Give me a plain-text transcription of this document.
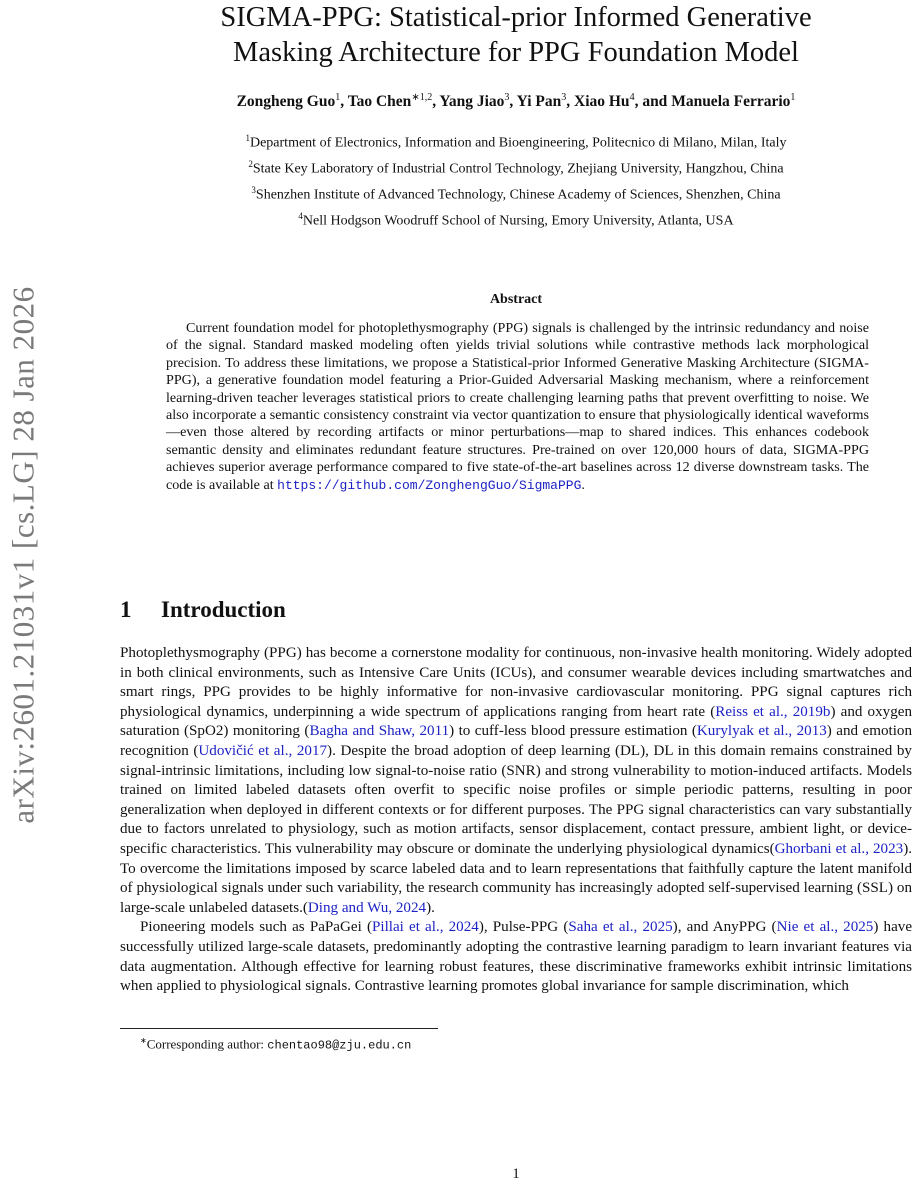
arXiv:2601.21031v1 [cs.LG] 28 Jan 2026
SIGMA-PPG: Statistical-prior Informed Generative
Masking Architecture for PPG Foundation Model
Zongheng Guo$^1$, Tao Chen$^{∗1,2}$, Yang Jiao$^3$, Yi Pan$^3$, Xiao Hu$^4$, and Manuela Ferrario$^1$
$^1$Department of Electronics, Information and Bioengineering, Politecnico di Milano, Milan, Italy
$^2$State Key Laboratory of Industrial Control Technology, Zhejiang University, Hangzhou, China
$^3$Shenzhen Institute of Advanced Technology, Chinese Academy of Sciences, Shenzhen, China
$^4$Nell Hodgson Woodruff School of Nursing, Emory University, Atlanta, USA
Abstract
Current foundation model for photoplethysmography (PPG) signals is challenged by the intrinsic redundancy and noise of the signal. Standard masked modeling often yields trivial solutions while contrastive methods lack morphological precision. To address these limitations, we propose a Statistical-prior Informed Generative Masking Architecture (SIGMA-PPG), a generative foundation model featuring a Prior-Guided Adversarial Masking mechanism, where a reinforcement learning-driven teacher leverages statistical priors to create challenging learning paths that prevent overfitting to noise. We also incorporate a semantic consistency constraint via vector quantization to ensure that physiologically identical waveforms—even those altered by recording artifacts or minor perturbations—map to shared indices. This enhances codebook semantic density and eliminates redundant feature structures. Pre-trained on over 120,000 hours of data, SIGMA-PPG achieves superior average performance compared to five state-of-the-art baselines across 12 diverse downstream tasks. The code is available at https://github.com/ZonghengGuo/SigmaPPG.
1 Introduction

Photoplethysmography (PPG) has become a cornerstone modality for continuous, non-invasive health monitoring. Widely adopted in both clinical environments, such as Intensive Care Units (ICUs), and consumer wearable devices including smartwatches and smart rings, PPG provides to be highly informative for non-invasive cardiovascular monitoring. PPG signal captures rich physiological dynamics, underpinning a wide spectrum of applications ranging from heart rate (Reiss et al., 2019b) and oxygen saturation (SpO2) monitoring (Bagha and Shaw, 2011) to cuff-less blood pressure estimation (Kurylyak et al., 2013) and emotion recognition (Udovičić et al., 2017). Despite the broad adoption of deep learning (DL), DL in this domain remains constrained by signal-intrinsic limitations, including low signal-to-noise ratio (SNR) and strong vulnerability to motion-induced artifacts. Models trained on limited labeled datasets often overfit to specific noise profiles or simple periodic patterns, resulting in poor generalization when deployed in different contexts or for different purposes. The PPG signal characteristics can vary substantially due to factors unrelated to physiology, such as motion artifacts, sensor displacement, contact pressure, ambient light, or device-specific characteristics. This vulnerability may obscure or dominate the underlying physiological dynamics(Ghorbani et al., 2023). To overcome the limitations imposed by scarce labeled data and to learn representations that faithfully capture the latent manifold of physiological signals under such variability, the research community has increasingly adopted self-supervised learning (SSL) on large-scale unlabeled datasets.(Ding and Wu, 2024).

Pioneering models such as PaPaGei (Pillai et al., 2024), Pulse-PPG (Saha et al., 2025), and AnyPPG (Nie et al., 2025) have successfully utilized large-scale datasets, predominantly adopting the contrastive learning paradigm to learn invariant features via data augmentation. Although effective for learning robust features, these discriminative frameworks exhibit intrinsic limitations when applied to physiological signals. Contrastive learning promotes global invariance for sample discrimination, which

∗Corresponding author: chentao98@zju.edu.cn
1
